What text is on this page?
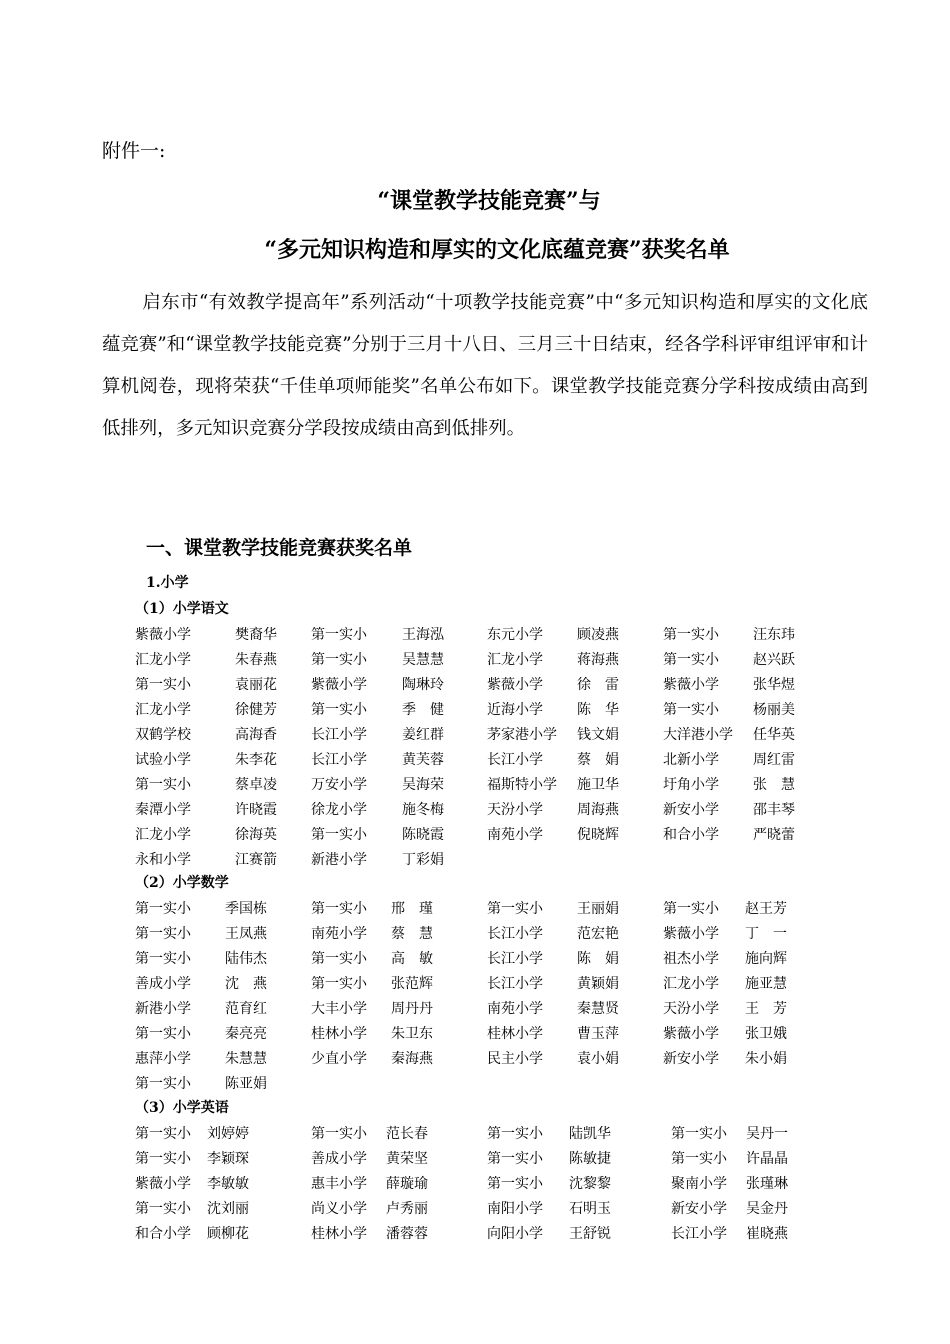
附件一:
“课堂教学技能竞赛”与
“多元知识构造和厚实的文化底蕴竞赛”获奖名单
启东市“有效教学提高年”系列活动“十项教学技能竞赛”中“多元知识构造和厚实的文化底蕴竞赛”和“课堂教学技能竞赛”分别于三月十八日、三月三十日结束，经各学科评审组评审和计算机阅卷，现将荣获“千佳单项师能奖”名单公布如下。课堂教学技能竞赛分学科按成绩由高到低排列，多元知识竞赛分学段按成绩由高到低排列。
一、课堂教学技能竞赛获奖名单
1.小学
（1）小学语文
紫薇小学	樊裔华 第一实小	王海泓	东元小学 顾凌燕	第一实小 汪东玮
汇龙小学	朱春燕 第一实小	吴慧慧	汇龙小学 蒋海燕	第一实小 赵兴跃
第一实小	袁丽花 紫薇小学	陶琳玲	紫薇小学 徐　雷	紫薇小学 张华煜
汇龙小学	徐健芳 第一实小	季　健	近海小学 陈　华	第一实小 杨丽美
双鹤学校	高海香 长江小学	姜红群	茅家港小学 钱文娟	大洋港小学 任华英
试验小学	朱李花 长江小学	黄芙蓉	长江小学 蔡　娟	北新小学 周红雷
第一实小	蔡卓凌 万安小学	吴海荣	福斯特小学 施卫华	圩角小学 张　慧
秦潭小学	许晓霞 徐龙小学	施冬梅	天汾小学 周海燕	新安小学 邵丰琴
汇龙小学	徐海英 第一实小	陈晓霞	南苑小学 倪晓辉	和合小学 严晓蕾
永和小学	江赛箭 新港小学	丁彩娟
（2）小学数学
第一实小 季国栋	第一实小 邢　瑾	第一实小 王丽娟	第一实小 赵王芳
第一实小 王凤燕	南苑小学 蔡　慧	长江小学 范宏艳	紫薇小学 丁　一
第一实小 陆伟杰	第一实小 高　敏	长江小学 陈　娟	祖杰小学 施向辉
善成小学 沈　燕	第一实小 张范辉	长江小学 黄颖娟	汇龙小学 施亚慧
新港小学 范育红	大丰小学 周丹丹	南苑小学 秦慧贤	天汾小学 王　芳
第一实小 秦亮亮	桂林小学 朱卫东	桂林小学 曹玉萍	紫薇小学 张卫娥
惠萍小学 朱慧慧	少直小学 秦海燕	民主小学 袁小娟	新安小学 朱小娟
第一实小 陈亚娟
（3）小学英语
第一实小 刘婷婷	第一实小 范长春	第一实小 陆凯华	第一实小 吴丹一
第一实小 李颖琛	善成小学 黄荣坚	第一实小 陈敏捷	第一实小 许晶晶
紫薇小学 李敏敏	惠丰小学 薛璇瑜	第一实小 沈黎黎	聚南小学 张瑾琳
第一实小 沈刘丽	尚义小学 卢秀丽	南阳小学 石明玉	新安小学 吴金丹
和合小学 顾柳花	桂林小学 潘蓉蓉	向阳小学 王舒锐	长江小学 崔晓燕
